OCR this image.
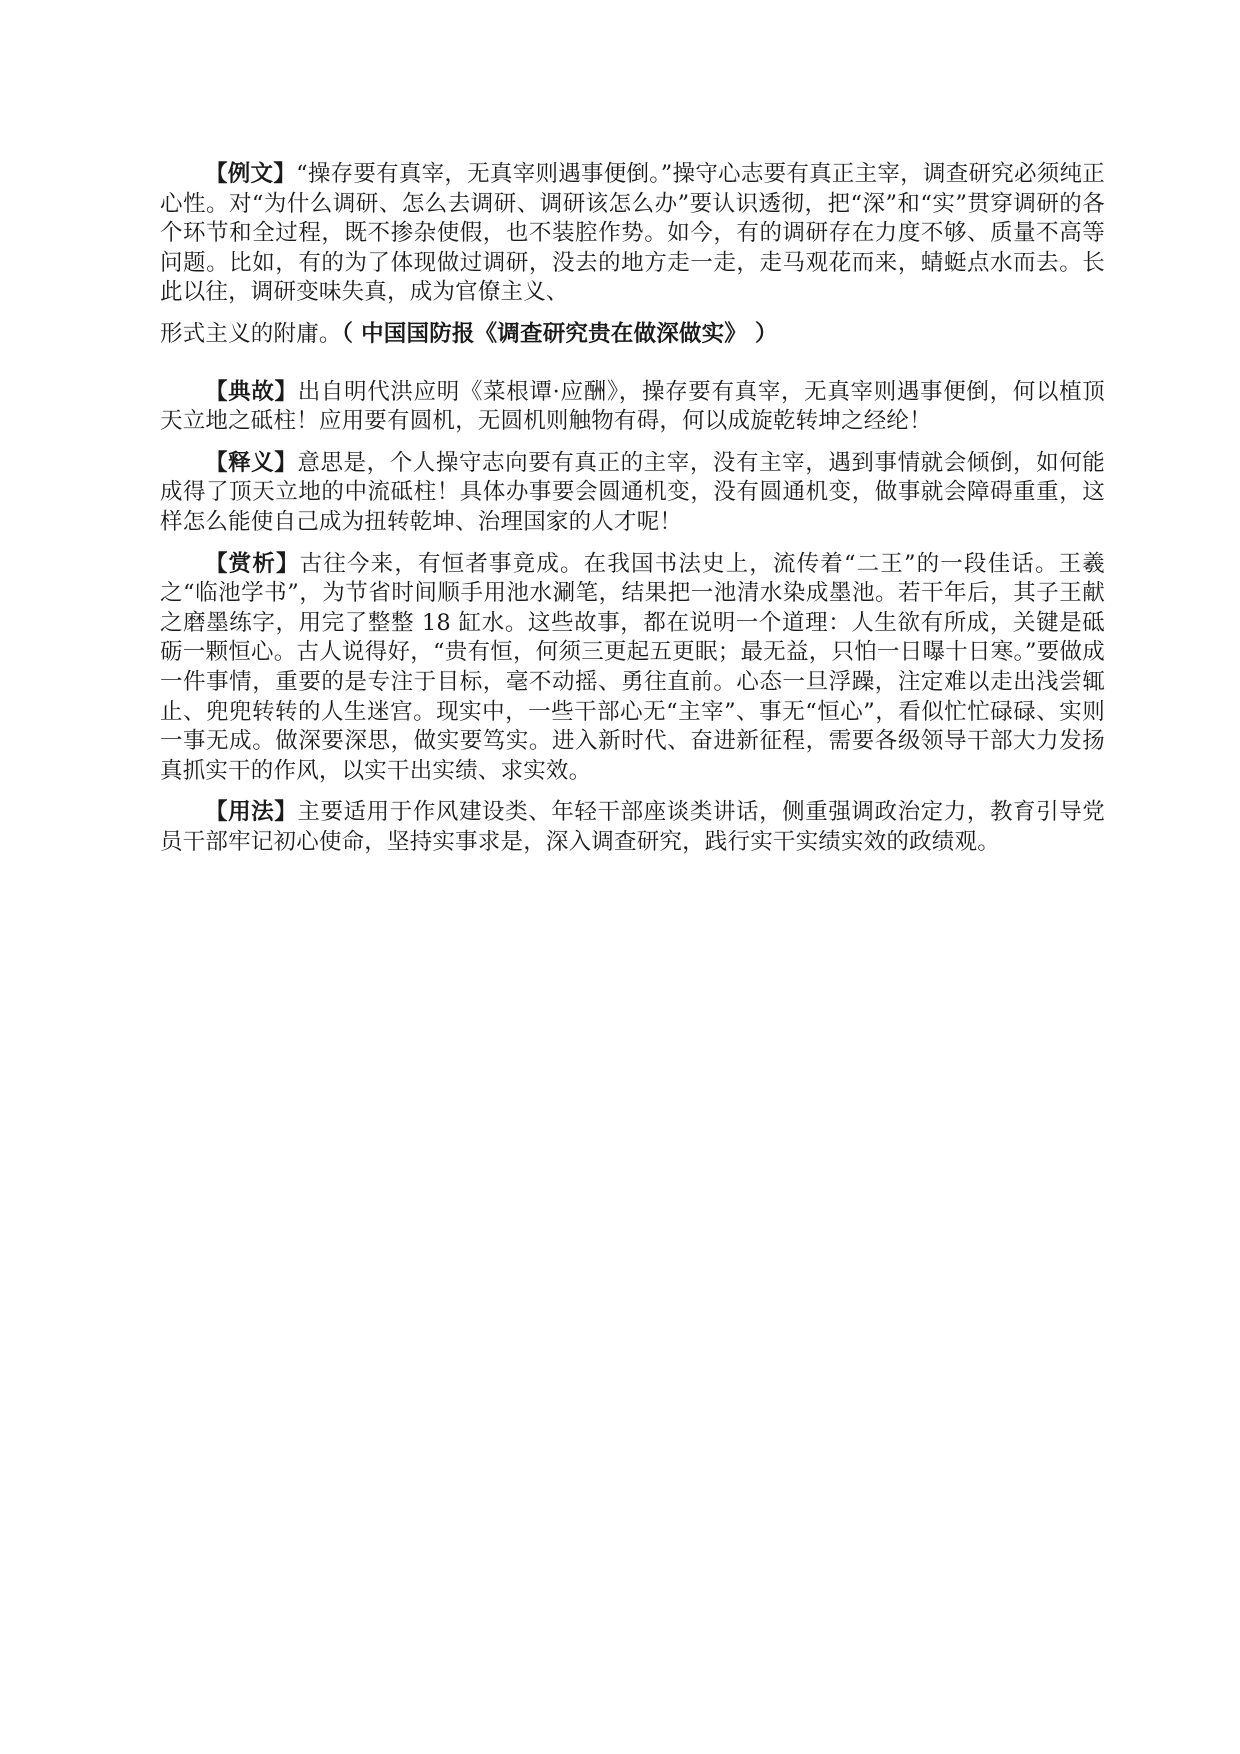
【例文】“操存要有真宰，无真宰则遇事便倒。”操守心志要有真正主宰，调查研究必须纯正心性。对“为什么调研、怎么去调研、调研该怎么办”要认识透彻，把“深”和“实”贯穿调研的各个环节和全过程，既不掺杂使假，也不装腔作势。如今，有的调研存在力度不够、质量不高等问题。比如，有的为了体现做过调研，没去的地方走一走，走马观花而来，蜻蜓点水而去。长此以往，调研变味失真，成为官僚主义、
形式主义的附庸。（ 中国国防报《调查研究贵在做深做实》 ）

【典故】出自明代洪应明《菜根谭·应酬》，操存要有真宰，无真宰则遇事便倒，何以植顶天立地之砥柱！应用要有圆机，无圆机则触物有碍，何以成旋乾转坤之经纶！

【释义】意思是，个人操守志向要有真正的主宰，没有主宰，遇到事情就会倾倒，如何能成得了顶天立地的中流砥柱！具体办事要会圆通机变，没有圆通机变，做事就会障碍重重，这样怎么能使自己成为扭转乾坤、治理国家的人才呢！

【赏析】古往今来，有恒者事竟成。在我国书法史上，流传着“二王”的一段佳话。王羲之“临池学书”，为节省时间顺手用池水涮笔，结果把一池清水染成墨池。若干年后，其子王献之磨墨练字，用完了整整 18 缸水。这些故事，都在说明一个道理：人生欲有所成，关键是砥砺一颗恒心。古人说得好，“贵有恒，何须三更起五更眠；最无益，只怕一日曝十日寒。”要做成一件事情，重要的是专注于目标，毫不动摇、勇往直前。心态一旦浮躁，注定难以走出浅尝辄止、兜兜转转的人生迷宫。现实中，一些干部心无“主宰”、事无“恒心”，看似忙忙碌碌、实则一事无成。做深要深思，做实要笃实。进入新时代、奋进新征程，需要各级领导干部大力发扬真抓实干的作风，以实干出实绩、求实效。

【用法】主要适用于作风建设类、年轻干部座谈类讲话，侧重强调政治定力，教育引导党员干部牢记初心使命，坚持实事求是，深入调查研究，践行实干实绩实效的政绩观。
